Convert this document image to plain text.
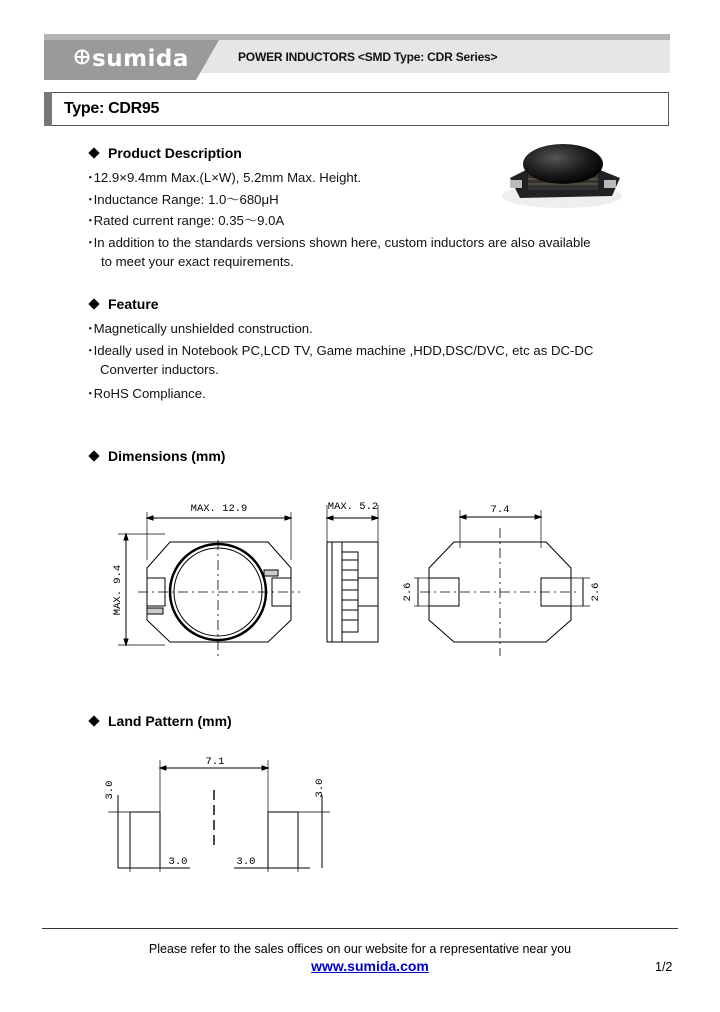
sumida	POWER INDUCTORS <SMD Type: CDR Series>
Type: CDR95
Product Description
･12.9×9.4mm Max.(L×W), 5.2mm Max. Height.
･Inductance Range: 1.0～680μH
･Rated current range: 0.35～9.0A
･In addition to the standards versions shown here, custom inductors are also available
to meet your exact requirements.
Feature
･Magnetically unshielded construction.
･Ideally used in Notebook PC,LCD TV, Game machine ,HDD,DSC/DVC, etc as DC-DC
Converter inductors.
･RoHS Compliance.
Dimensions (mm)
MAX. 12.9
MAX. 9.4
MAX. 5.2	7.4
2.6	2.6
Land Pattern (mm)
7.1
3.0	3.0
3.0	3.0
Please refer to the sales offices on our website for a representative near you
www.sumida.com	1/2
